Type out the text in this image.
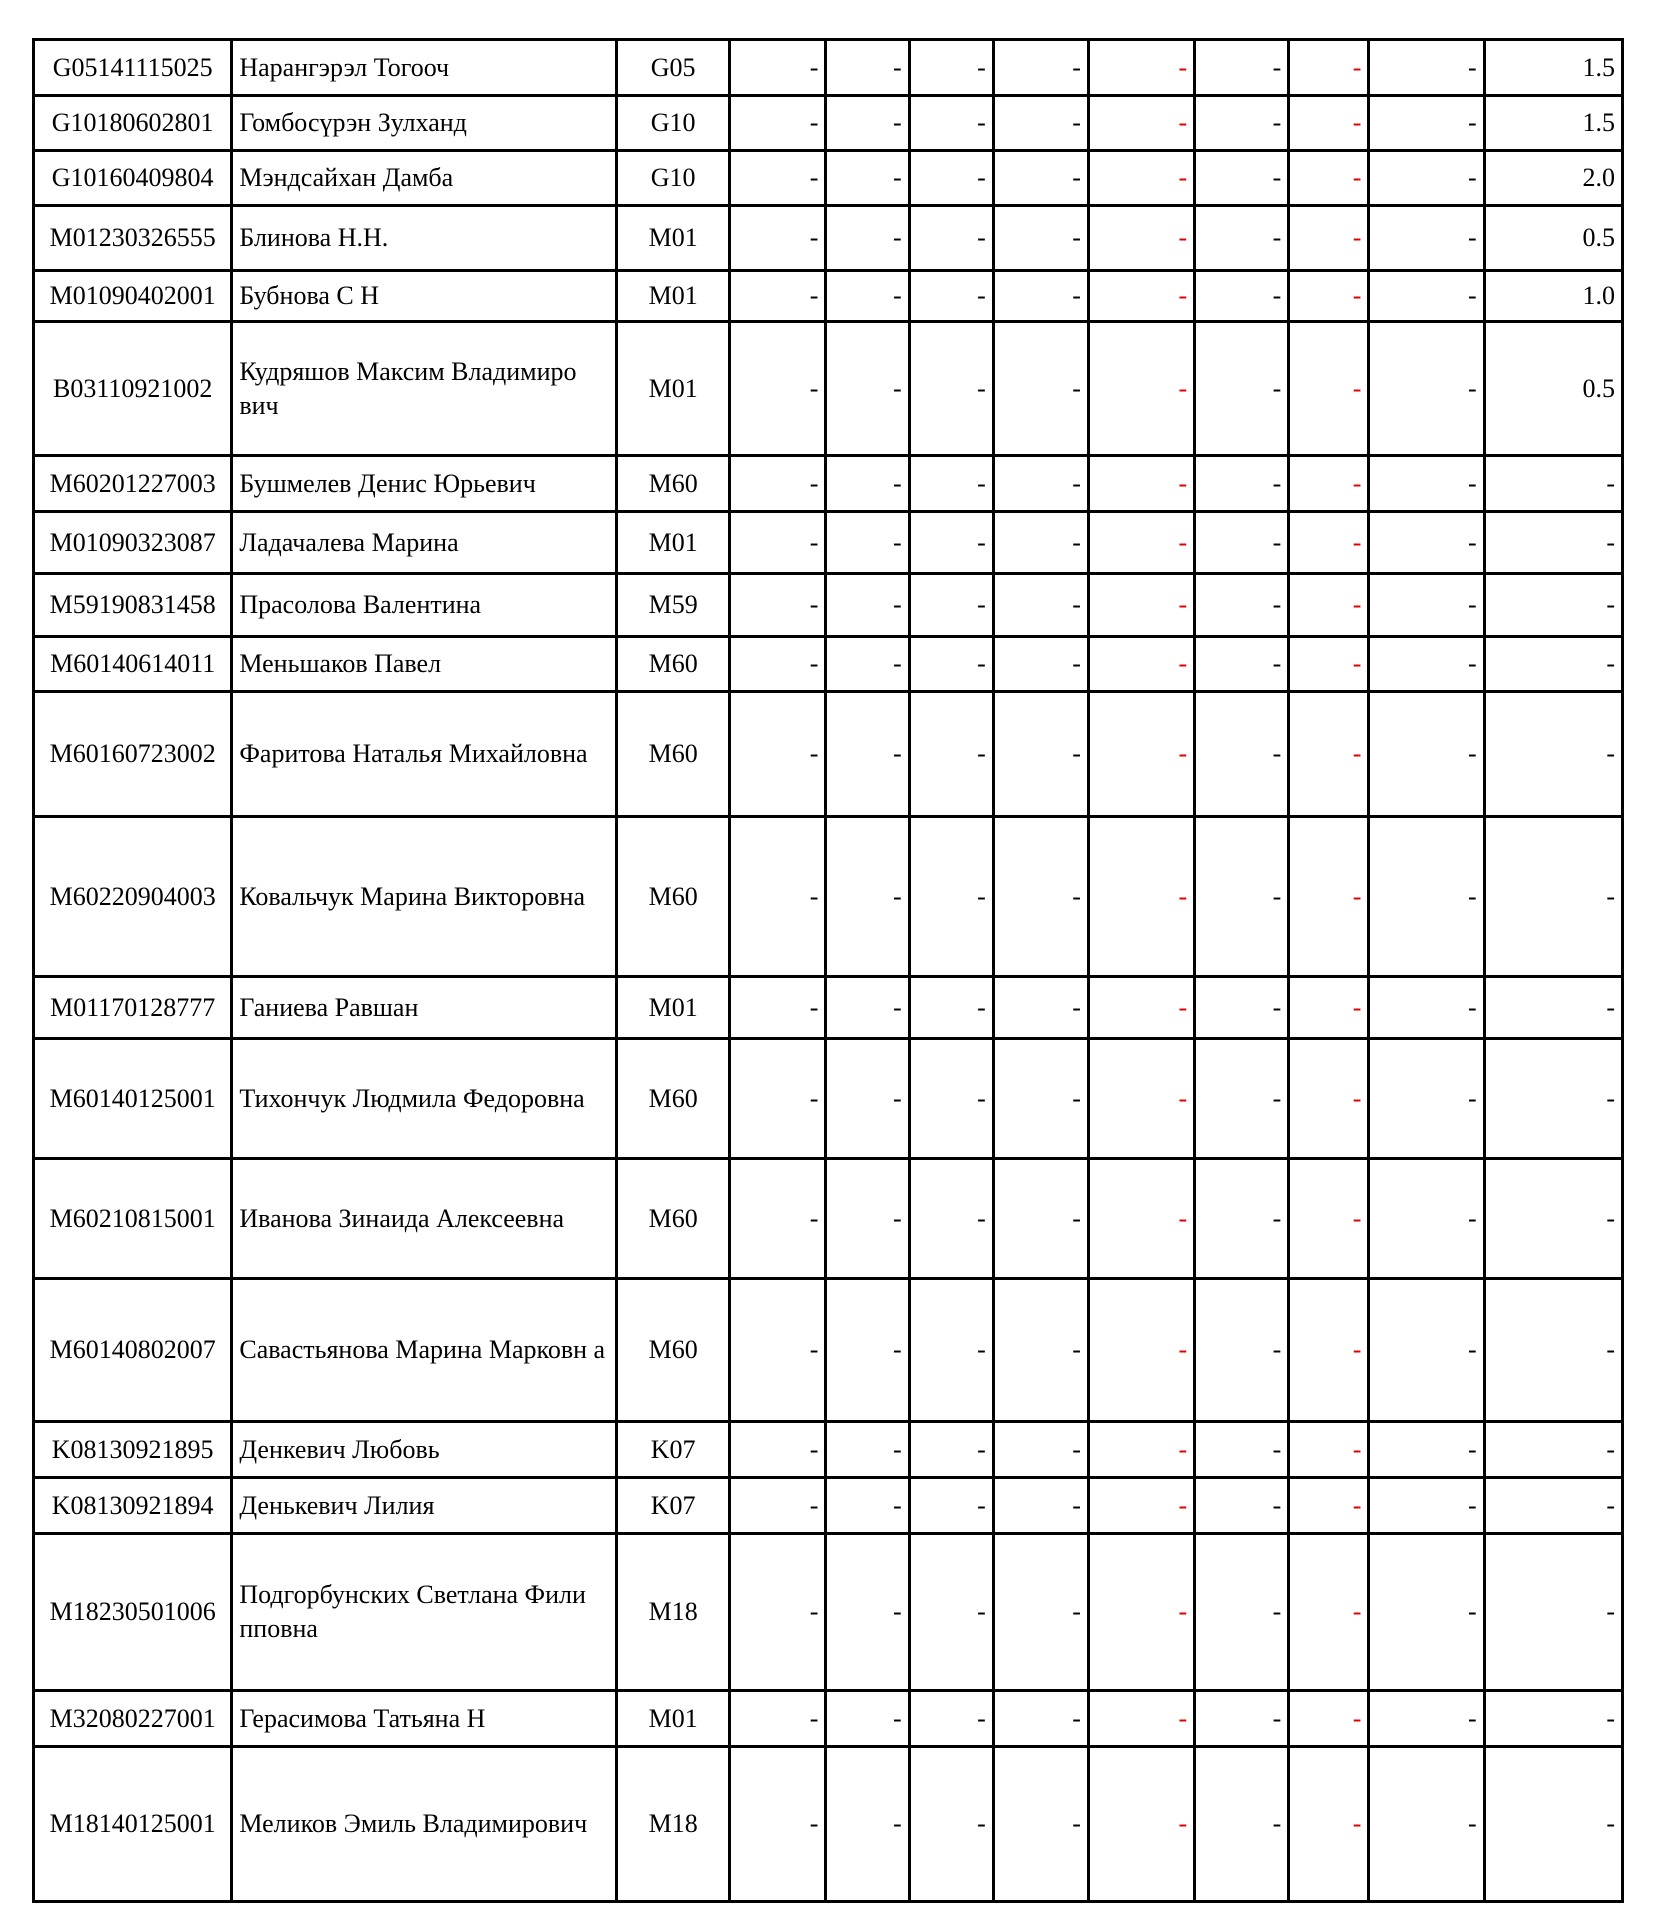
G05141115025	Нарангэрэл Тогооч	G05	-	-	-	-	-	-	-	-	1.5
G10180602801	Гомбосүрэн Зулханд	G10	-	-	-	-	-	-	-	-	1.5
G10160409804	Мэндсайхан Дамба	G10	-	-	-	-	-	-	-	-	2.0
M01230326555	Блинова Н.Н.	M01	-	-	-	-	-	-	-	-	0.5
M01090402001	Бубнова С Н	M01	-	-	-	-	-	-	-	-	1.0
B03110921002	Кудряшов Максим Владимиро вич	M01	-	-	-	-	-	-	-	-	0.5
M60201227003	Бушмелев Денис Юрьевич	M60	-	-	-	-	-	-	-	-	-
M01090323087	Ладачалева Марина	M01	-	-	-	-	-	-	-	-	-
M59190831458	Прасолова Валентина	M59	-	-	-	-	-	-	-	-	-
M60140614011	Меньшаков Павел	M60	-	-	-	-	-	-	-	-	-
M60160723002	Фаритова Наталья Михайловна	M60	-	-	-	-	-	-	-	-	-
M60220904003	Ковальчук Марина Викторовна	M60	-	-	-	-	-	-	-	-	-
M01170128777	Ганиева Равшан	M01	-	-	-	-	-	-	-	-	-
M60140125001	Тихончук Людмила Федоровна	M60	-	-	-	-	-	-	-	-	-
M60210815001	Иванова Зинаида Алексеевна	M60	-	-	-	-	-	-	-	-	-
M60140802007	Савастьянова Марина Марковн а	M60	-	-	-	-	-	-	-	-	-
K08130921895	Денкевич Любовь	K07	-	-	-	-	-	-	-	-	-
K08130921894	Денькевич Лилия	K07	-	-	-	-	-	-	-	-	-
M18230501006	Подгорбунских Светлана Фили пповна	M18	-	-	-	-	-	-	-	-	-
M32080227001	Герасимова Татьяна Н	M01	-	-	-	-	-	-	-	-	-
M18140125001	Меликов Эмиль Владимирович	M18	-	-	-	-	-	-	-	-	-
